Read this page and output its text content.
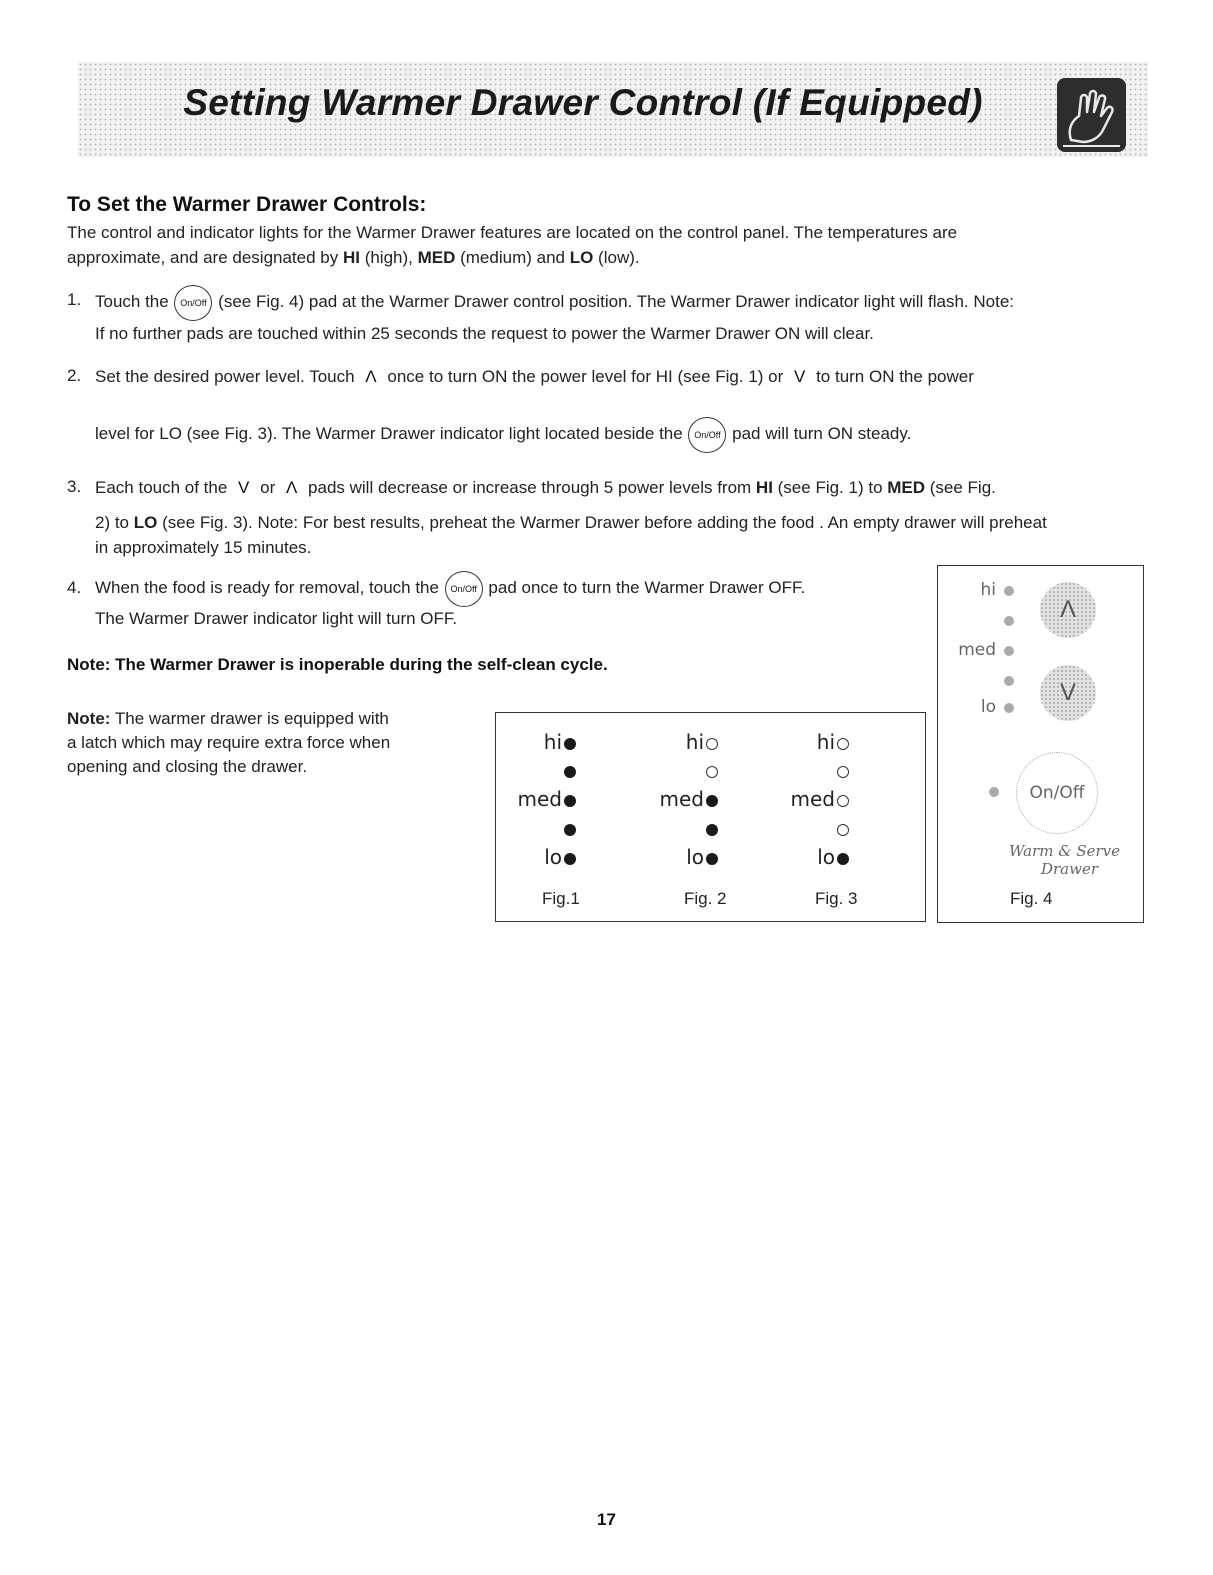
Setting Warmer Drawer Control (If Equipped)
To Set the Warmer Drawer Controls:
The control and indicator lights for the Warmer Drawer features are located on the control panel. The temperatures are
approximate, and are designated by HI (high), MED (medium) and LO (low).
1. Touch the On/Off (see Fig. 4) pad at the Warmer Drawer control position. The Warmer Drawer indicator light will flash. Note:
If no further pads are touched within 25 seconds the request to power the Warmer Drawer ON will clear.
2. Set the desired power level. Touch Λ once to turn ON the power level for HI (see Fig. 1) or V to turn ON the power
level for LO (see Fig. 3). The Warmer Drawer indicator light located beside the On/Off pad will turn ON steady.
3. Each touch of the V or Λ pads will decrease or increase through 5 power levels from HI (see Fig. 1) to MED (see Fig.
2) to LO (see Fig. 3). Note: For best results, preheat the Warmer Drawer before adding the food . An empty drawer will preheat
in approximately 15 minutes.
4. When the food is ready for removal, touch the On/Off pad once to turn the Warmer Drawer OFF.
The Warmer Drawer indicator light will turn OFF.
Note: The Warmer Drawer is inoperable during the self-clean cycle.
Note: The warmer drawer is equipped with
a latch which may require extra force when
opening and closing the drawer.
hi
med
lo
Fig.1
hi
med
lo
Fig. 2
hi
med
lo
Fig. 3
hi
med
lo
Λ
V
On/Off
Warm & Serve
Drawer
Fig. 4
17
